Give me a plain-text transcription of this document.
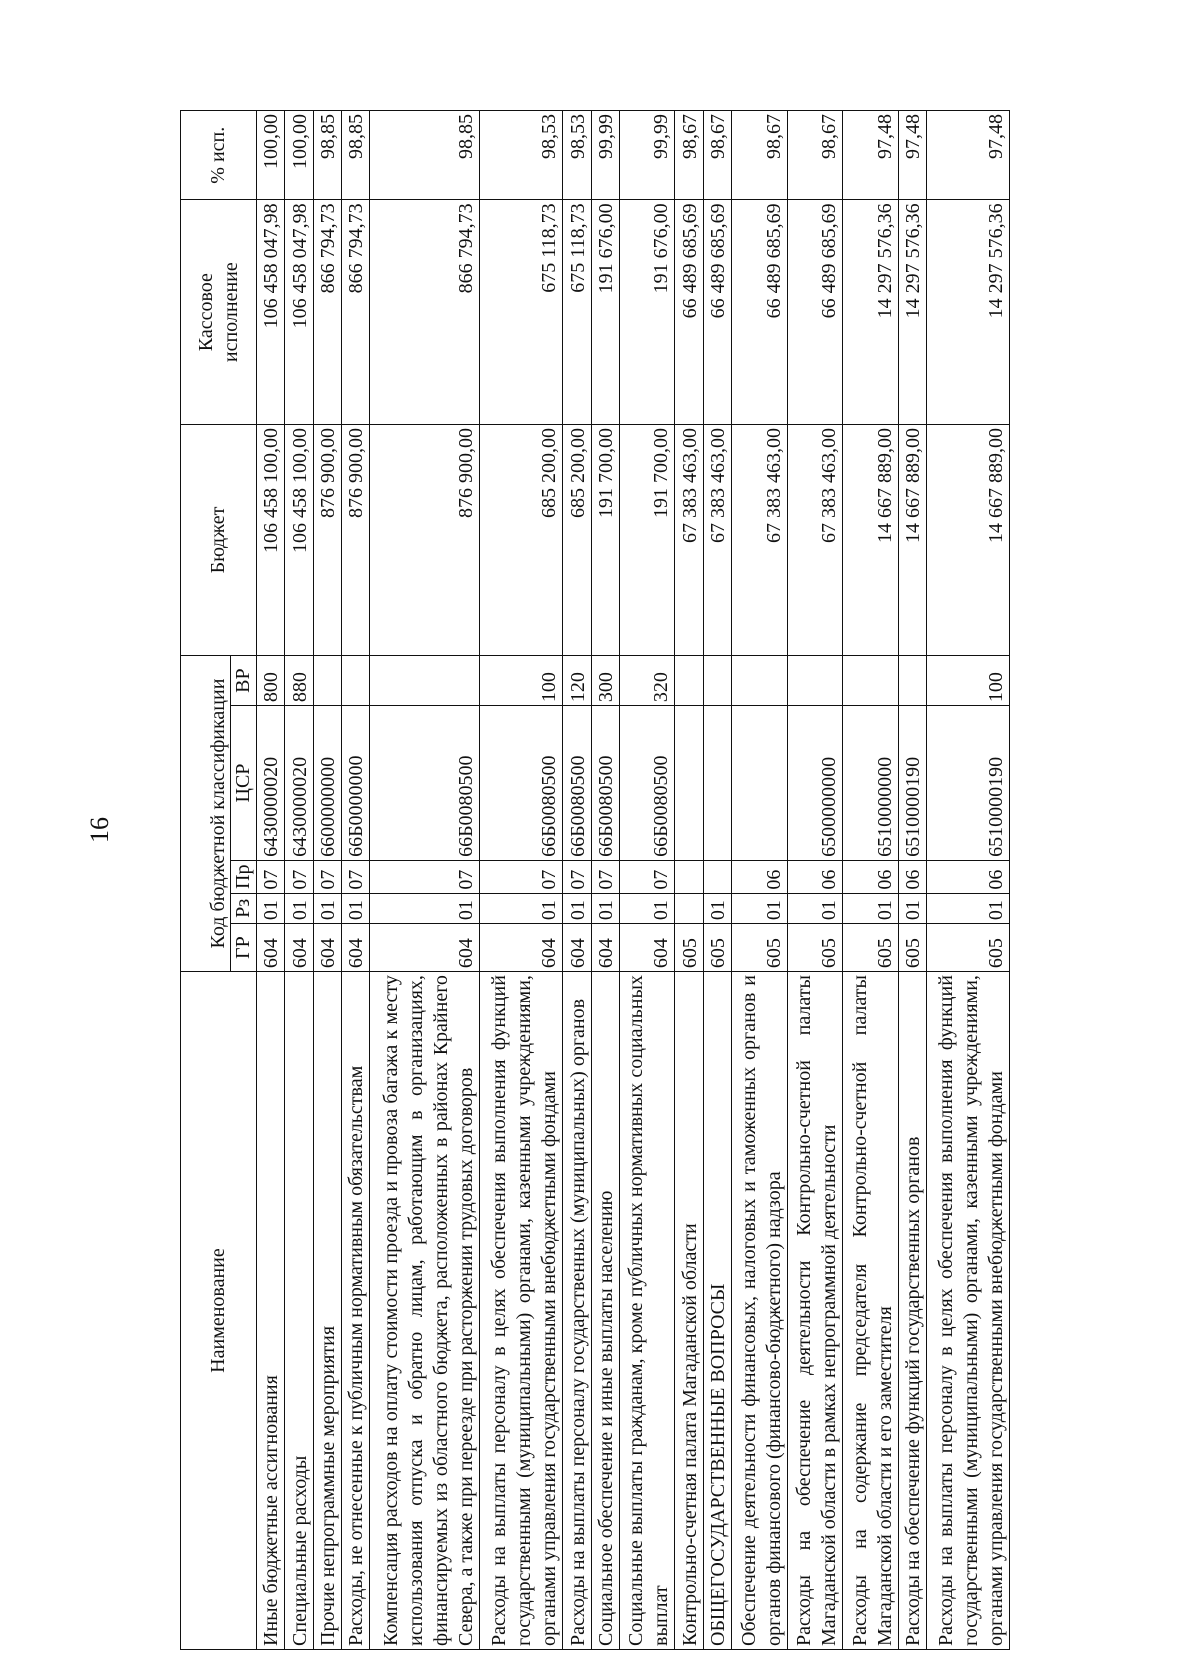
16
Наименование	Код бюджетной классификации					Бюджет	Кассовое исполнение	% исп.
	ГР	Рз	Пр	ЦСР	ВР			
Иные бюджетные ассигнования	604	01	07	6430000020	800	106 458 100,00	106 458 047,98	100,00
Специальные расходы	604	01	07	6430000020	880	106 458 100,00	106 458 047,98	100,00
Прочие непрограммные мероприятия	604	01	07	6600000000		876 900,00	866 794,73	98,85
Расходы, не отнесенные к публичным нормативным обязательствам	604	01	07	66Б0000000		876 900,00	866 794,73	98,85
Компенсация расходов на оплату стоимости проезда и провоза багажа к месту использования отпуска и обратно лицам, работающим в организациях, финансируемых из областного бюджета, расположенных в районах Крайнего Севера, а также при переезде при расторжении трудовых договоров	604	01	07	66Б0080500		876 900,00	866 794,73	98,85
Расходы на выплаты персоналу в целях обеспечения выполнения функций государственными (муниципальными) органами, казенными учреждениями, органами управления государственными внебюджетными фондами	604	01	07	66Б0080500	100	685 200,00	675 118,73	98,53
Расходы на выплаты персоналу государственных (муниципальных) органов	604	01	07	66Б0080500	120	685 200,00	675 118,73	98,53
Социальное обеспечение и иные выплаты населению	604	01	07	66Б0080500	300	191 700,00	191 676,00	99,99
Социальные выплаты гражданам, кроме публичных нормативных социальных выплат	604	01	07	66Б0080500	320	191 700,00	191 676,00	99,99
Контрольно-счетная палата Магаданской области	605					67 383 463,00	66 489 685,69	98,67
ОБЩЕГОСУДАРСТВЕННЫЕ ВОПРОСЫ	605	01				67 383 463,00	66 489 685,69	98,67
Обеспечение деятельности финансовых, налоговых и таможенных органов и органов финансового (финансово-бюджетного) надзора	605	01	06			67 383 463,00	66 489 685,69	98,67
Расходы на обеспечение деятельности Контрольно-счетной палаты Магаданской области в рамках непрограммной деятельности	605	01	06	6500000000		67 383 463,00	66 489 685,69	98,67
Расходы на содержание председателя Контрольно-счетной палаты Магаданской области и его заместителя	605	01	06	6510000000		14 667 889,00	14 297 576,36	97,48
Расходы на обеспечение функций государственных органов	605	01	06	6510000190		14 667 889,00	14 297 576,36	97,48
Расходы на выплаты персоналу в целях обеспечения выполнения функций государственными (муниципальными) органами, казенными учреждениями, органами управления государственными внебюджетными фондами	605	01	06	6510000190	100	14 667 889,00	14 297 576,36	97,48
